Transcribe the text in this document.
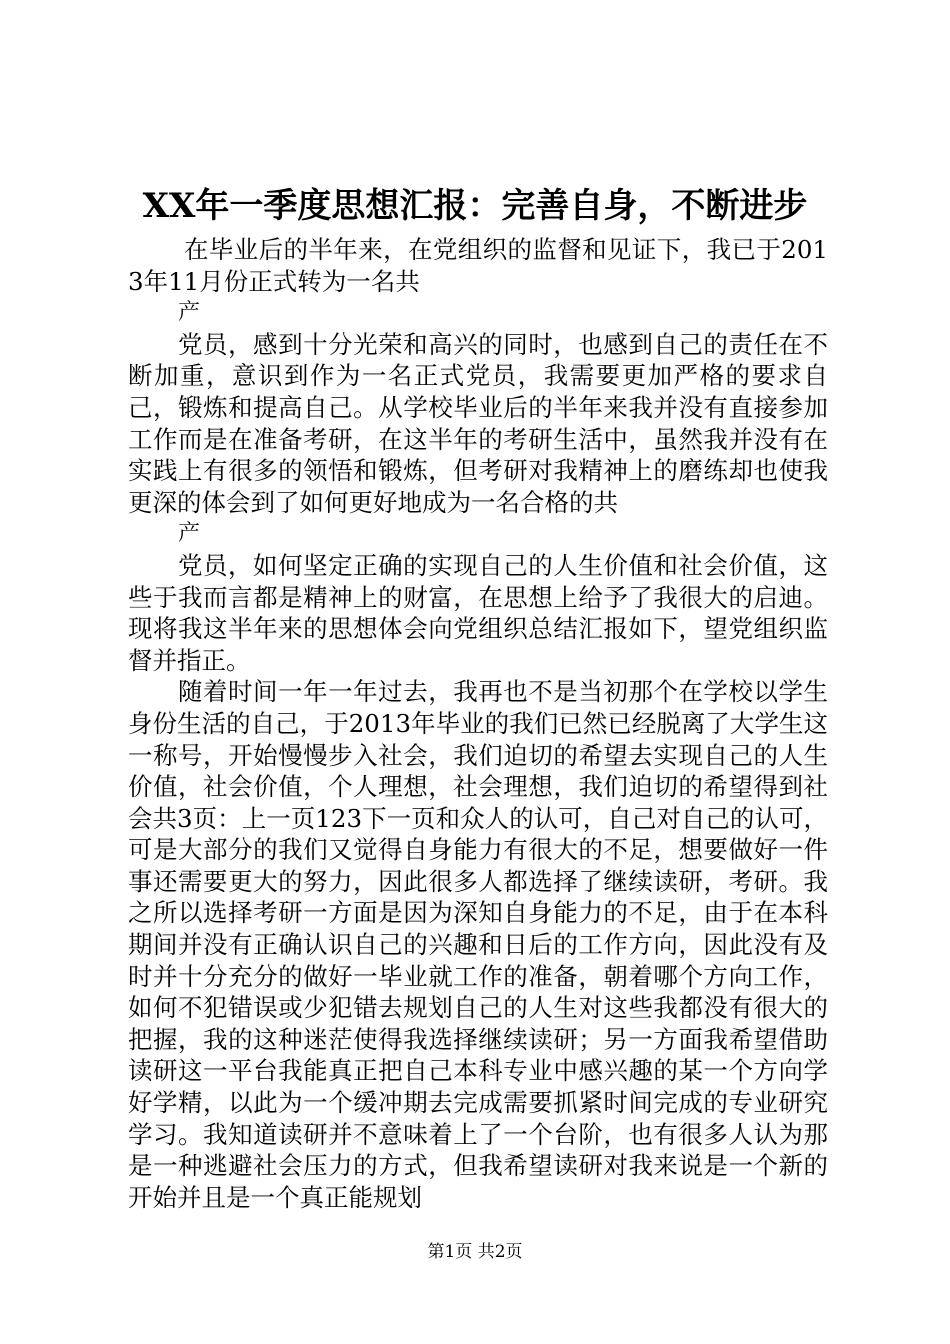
XX年一季度思想汇报：完善自身，不断进步

在毕业后的半年来，在党组织的监督和见证下，我已于2013年11月份正式转为一名共

产

党员，感到十分光荣和高兴的同时，也感到自己的责任在不断加重，意识到作为一名正式党员，我需要更加严格的要求自己，锻炼和提高自己。从学校毕业后的半年来我并没有直接参加工作而是在准备考研，在这半年的考研生活中，虽然我并没有在实践上有很多的领悟和锻炼，但考研对我精神上的磨练却也使我更深的体会到了如何更好地成为一名合格的共

产

党员，如何坚定正确的实现自己的人生价值和社会价值，这些于我而言都是精神上的财富，在思想上给予了我很大的启迪。现将我这半年来的思想体会向党组织总结汇报如下，望党组织监督并指正。

随着时间一年一年过去，我再也不是当初那个在学校以学生身份生活的自己，于2013年毕业的我们已然已经脱离了大学生这一称号，开始慢慢步入社会，我们迫切的希望去实现自己的人生价值，社会价值，个人理想，社会理想，我们迫切的希望得到社会共3页：上一页123下一页和众人的认可，自己对自己的认可，可是大部分的我们又觉得自身能力有很大的不足，想要做好一件事还需要更大的努力，因此很多人都选择了继续读研，考研。我之所以选择考研一方面是因为深知自身能力的不足，由于在本科期间并没有正确认识自己的兴趣和日后的工作方向，因此没有及时并十分充分的做好一毕业就工作的准备，朝着哪个方向工作，如何不犯错误或少犯错去规划自己的人生对这些我都没有很大的把握，我的这种迷茫使得我选择继续读研；另一方面我希望借助读研这一平台我能真正把自己本科专业中感兴趣的某一个方向学好学精，以此为一个缓冲期去完成需要抓紧时间完成的专业研究学习。我知道读研并不意味着上了一个台阶，也有很多人认为那是一种逃避社会压力的方式，但我希望读研对我来说是一个新的开始并且是一个真正能规划

第1页 共2页
